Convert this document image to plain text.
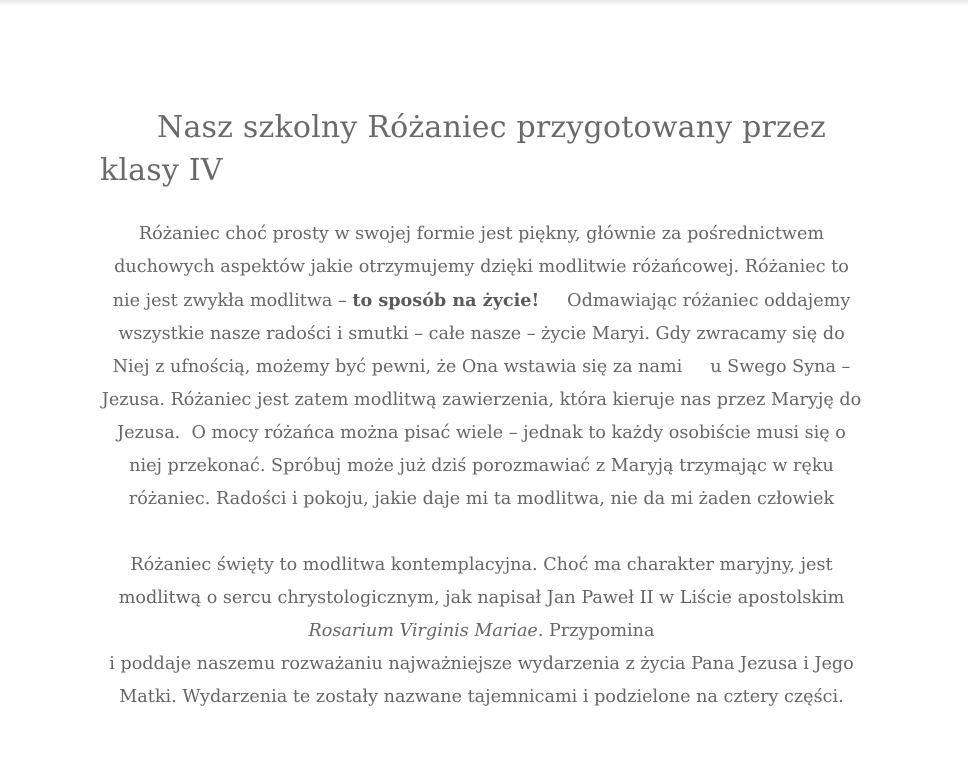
Nasz szkolny Różaniec przygotowany przez klasy IV

Różaniec choć prosty w swojej formie jest piękny, głównie za pośrednictwem
duchowych aspektów jakie otrzymujemy dzięki modlitwie różańcowej. Różaniec to
nie jest zwykła modlitwa – to sposób na życie!     Odmawiając różaniec oddajemy
wszystkie nasze radości i smutki – całe nasze – życie Maryi. Gdy zwracamy się do
Niej z ufnością, możemy być pewni, że Ona wstawia się za nami     u Swego Syna –
Jezusa. Różaniec jest zatem modlitwą zawierzenia, która kieruje nas przez Maryję do
Jezusa.  O mocy różańca można pisać wiele – jednak to każdy osobiście musi się o
niej przekonać. Spróbuj może już dziś porozmawiać z Maryją trzymając w ręku
różaniec. Radości i pokoju, jakie daje mi ta modlitwa, nie da mi żaden człowiek

Różaniec święty to modlitwa kontemplacyjna. Choć ma charakter maryjny, jest
modlitwą o sercu chrystologicznym, jak napisał Jan Paweł II w Liście apostolskim
Rosarium Virginis Mariae. Przypomina
i poddaje naszemu rozważaniu najważniejsze wydarzenia z życia Pana Jezusa i Jego
Matki. Wydarzenia te zostały nazwane tajemnicami i podzielone na cztery części.
